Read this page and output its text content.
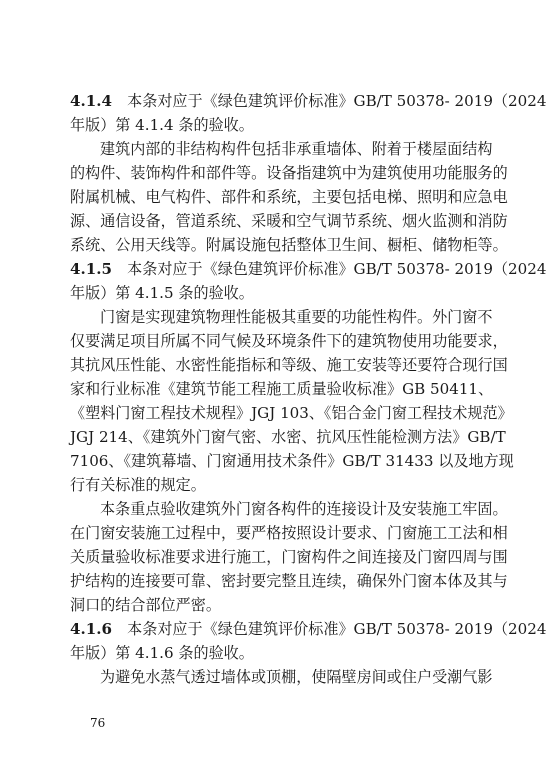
4.1.4　本条对应于《绿色建筑评价标准》GB/T 50378- 2019（2024
年版）第 4.1.4 条的验收。
建筑内部的非结构构件包括非承重墙体、附着于楼屋面结构
的构件、装饰构件和部件等。设备指建筑中为建筑使用功能服务的
附属机械、电气构件、部件和系统，主要包括电梯、照明和应急电
源、通信设备，管道系统、采暖和空气调节系统、烟火监测和消防
系统、公用天线等。附属设施包括整体卫生间、橱柜、储物柜等。
4.1.5　本条对应于《绿色建筑评价标准》GB/T 50378- 2019（2024
年版）第 4.1.5 条的验收。
门窗是实现建筑物理性能极其重要的功能性构件。外门窗不
仅要满足项目所属不同气候及环境条件下的建筑物使用功能要求，
其抗风压性能、水密性能指标和等级、施工安装等还要符合现行国
家和行业标准《建筑节能工程施工质量验收标准》GB 50411、
《塑料门窗工程技术规程》JGJ 103、《铝合金门窗工程技术规范》
JGJ 214、《建筑外门窗气密、水密、抗风压性能检测方法》GB/T
7106、《建筑幕墙、门窗通用技术条件》GB/T 31433 以及地方现
行有关标准的规定。
本条重点验收建筑外门窗各构件的连接设计及安装施工牢固。
在门窗安装施工过程中，要严格按照设计要求、门窗施工工法和相
关质量验收标准要求进行施工，门窗构件之间连接及门窗四周与围
护结构的连接要可靠、密封要完整且连续，确保外门窗本体及其与
洞口的结合部位严密。
4.1.6　本条对应于《绿色建筑评价标准》GB/T 50378- 2019（2024
年版）第 4.1.6 条的验收。
为避免水蒸气透过墙体或顶棚，使隔壁房间或住户受潮气影
76
